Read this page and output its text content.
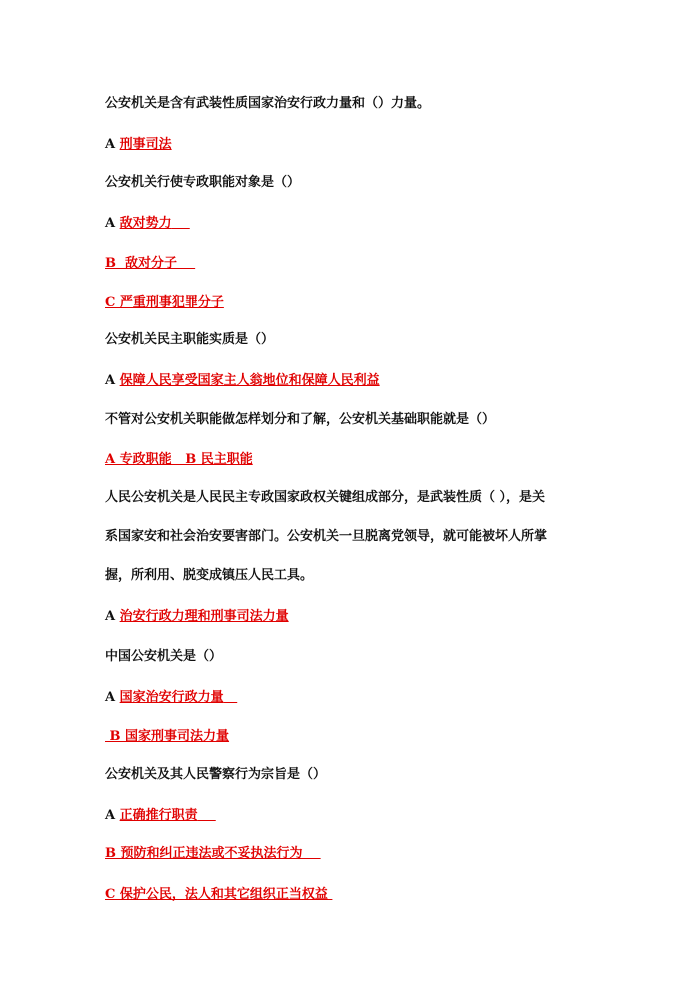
公安机关是含有武装性质国家治安行政力量和（）力量。
A 刑事司法
公安机关行使专政职能对象是（）
A 敌对势力
B  敌对分子
C 严重刑事犯罪分子
公安机关民主职能实质是（）
A 保障人民享受国家主人翁地位和保障人民利益
不管对公安机关职能做怎样划分和了解，公安机关基础职能就是（）
A 专政职能   B 民主职能
人民公安机关是人民民主专政国家政权关键组成部分，是武装性质（ ），是关
系国家安和社会治安要害部门。公安机关一旦脱离党领导，就可能被坏人所掌
握，所利用、脱变成镇压人民工具。
A 治安行政力理和刑事司法力量
中国公安机关是（）
A 国家治安行政力量
B 国家刑事司法力量
公安机关及其人民警察行为宗旨是（）
A 正确推行职责
B 预防和纠正违法或不妥执法行为
C 保护公民，法人和其它组织正当权益
